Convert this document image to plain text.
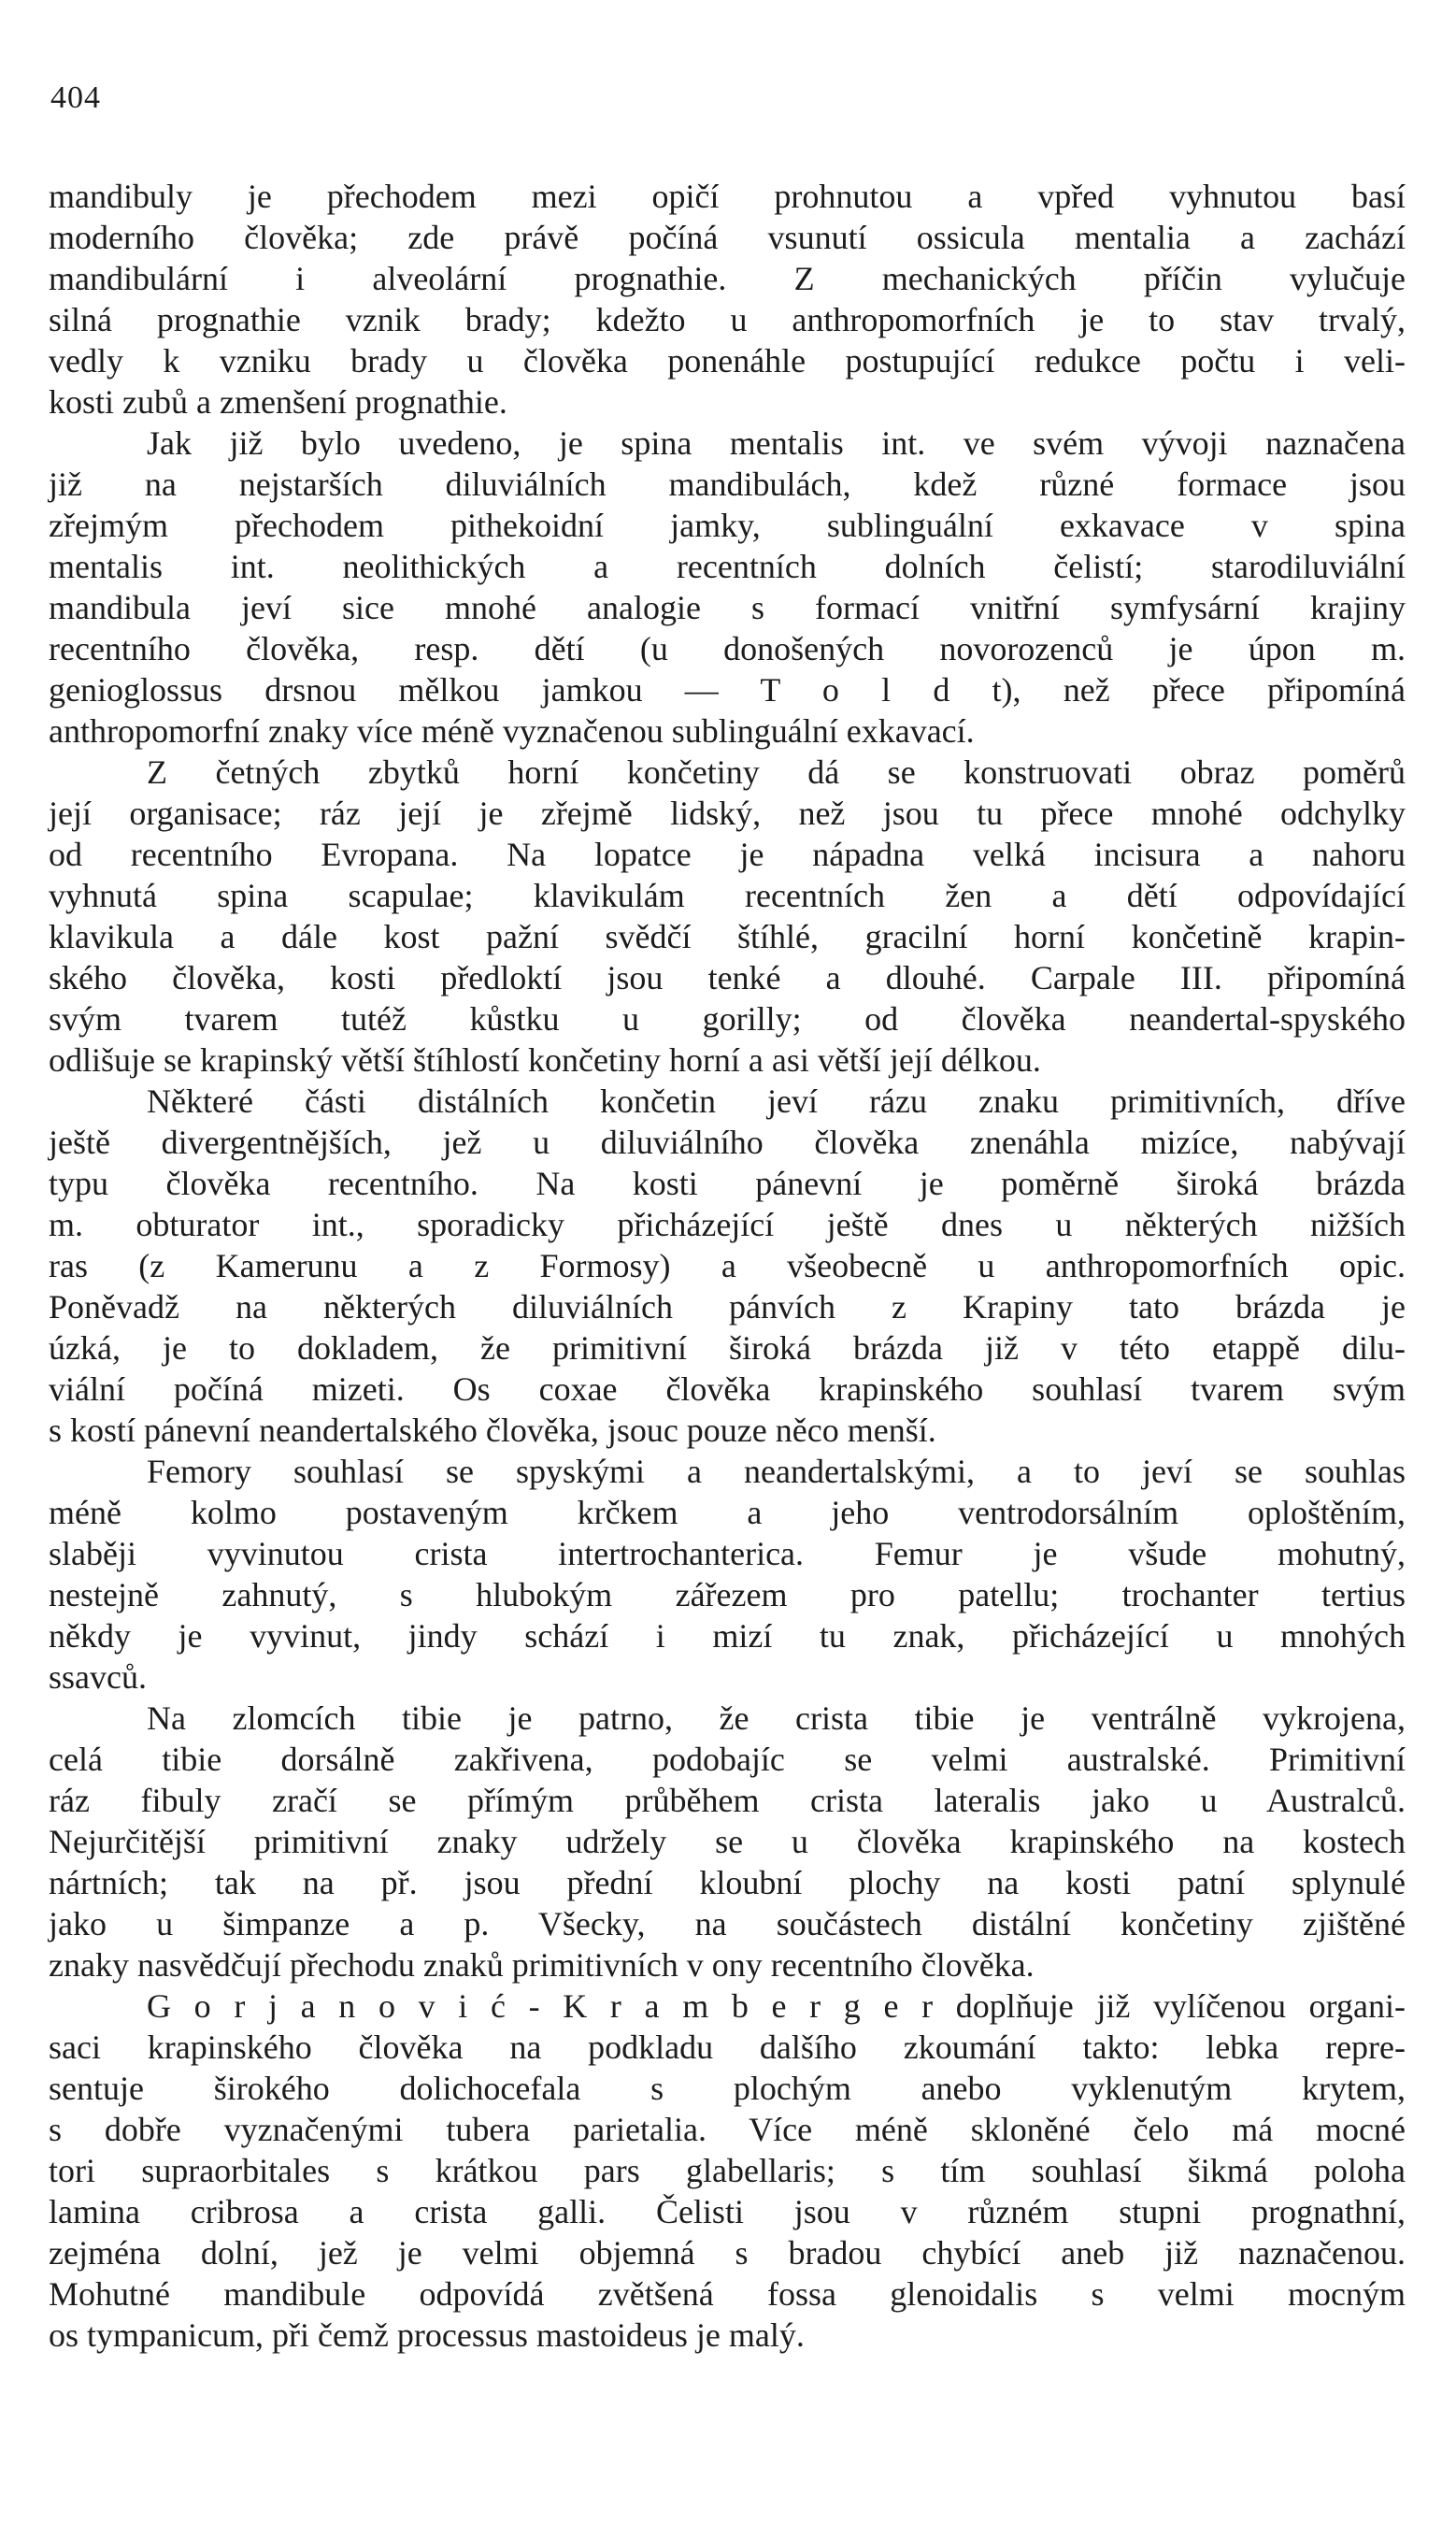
404
mandibuly je přechodem mezi opičí prohnutou a vpřed vyhnutou basí
moderního člověka; zde právě počíná vsunutí ossicula mentalia a zachází
mandibulární i alveolární prognathie. Z mechanických příčin vylučuje
silná prognathie vznik brady; kdežto u anthropomorfních je to stav trvalý,
vedly k vzniku brady u člověka ponenáhle postupující redukce počtu i veli-
kosti zubů a zmenšení prognathie.
Jak již bylo uvedeno, je spina mentalis int. ve svém vývoji naznačena
již na nejstarších diluviálních mandibulách, kdež různé formace jsou
zřejmým přechodem pithekoidní jamky, sublinguální exkavace v spina
mentalis int. neolithických a recentních dolních čelistí; starodiluviální
mandibula jeví sice mnohé analogie s formací vnitřní symfysární krajiny
recentního člověka, resp. dětí (u donošených novorozenců je úpon m.
genioglossus drsnou mělkou jamkou — T o l d t), než přece připomíná
anthropomorfní znaky více méně vyznačenou sublinguální exkavací.
Z četných zbytků horní končetiny dá se konstruovati obraz poměrů
její organisace; ráz její je zřejmě lidský, než jsou tu přece mnohé odchylky
od recentního Evropana. Na lopatce je nápadna velká incisura a nahoru
vyhnutá spina scapulae; klavikulám recentních žen a dětí odpovídající
klavikula a dále kost pažní svědčí štíhlé, gracilní horní končetině krapin-
ského člověka, kosti předloktí jsou tenké a dlouhé. Carpale III. připomíná
svým tvarem tutéž kůstku u gorilly; od člověka neandertal-spyského
odlišuje se krapinský větší štíhlostí končetiny horní a asi větší její délkou.
Některé části distálních končetin jeví rázu znaku primitivních, dříve
ještě divergentnějších, jež u diluviálního člověka znenáhla mizíce, nabývají
typu člověka recentního. Na kosti pánevní je poměrně široká brázda
m. obturator int., sporadicky přicházející ještě dnes u některých nižších
ras (z Kamerunu a z Formosy) a všeobecně u anthropomorfních opic.
Poněvadž na některých diluviálních pánvích z Krapiny tato brázda je
úzká, je to dokladem, že primitivní široká brázda již v této etappě dilu-
viální počíná mizeti. Os coxae člověka krapinského souhlasí tvarem svým
s kostí pánevní neandertalského člověka, jsouc pouze něco menší.
Femory souhlasí se spyskými a neandertalskými, a to jeví se souhlas
méně kolmo postaveným krčkem a jeho ventrodorsálním oploštěním,
slaběji vyvinutou crista intertrochanterica. Femur je všude mohutný,
nestejně zahnutý, s hlubokým zářezem pro patellu; trochanter tertius
někdy je vyvinut, jindy schází i mizí tu znak, přicházející u mnohých
ssavců.
Na zlomcích tibie je patrno, že crista tibie je ventrálně vykrojena,
celá tibie dorsálně zakřivena, podobajíc se velmi australské. Primitivní
ráz fibuly zračí se přímým průběhem crista lateralis jako u Australců.
Nejurčitější primitivní znaky udržely se u člověka krapinského na kostech
nártních; tak na př. jsou přední kloubní plochy na kosti patní splynulé
jako u šimpanze a p. Všecky, na součástech distální končetiny zjištěné
znaky nasvědčují přechodu znaků primitivních v ony recentního člověka.
G o r j a n o v i ć - K r a m b e r g e r doplňuje již vylíčenou organi-
saci krapinského člověka na podkladu dalšího zkoumání takto: lebka repre-
sentuje širokého dolichocefala s plochým anebo vyklenutým krytem,
s dobře vyznačenými tubera parietalia. Více méně skloněné čelo má mocné
tori supraorbitales s krátkou pars glabellaris; s tím souhlasí šikmá poloha
lamina cribrosa a crista galli. Čelisti jsou v různém stupni prognathní,
zejména dolní, jež je velmi objemná s bradou chybící aneb již naznačenou.
Mohutné mandibule odpovídá zvětšená fossa glenoidalis s velmi mocným
os tympanicum, při čemž processus mastoideus je malý.
